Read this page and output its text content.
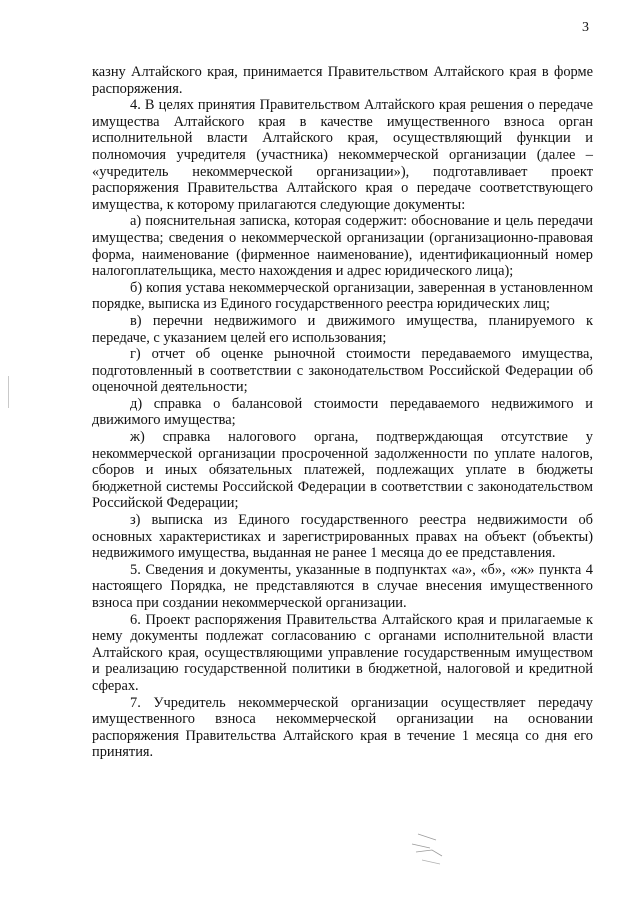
3

казну Алтайского края, принимается Правительством Алтайского края в форме распоряжения.

4. В целях принятия Правительством Алтайского края решения о передаче имущества Алтайского края в качестве имущественного взноса орган исполнительной власти Алтайского края, осуществляющий функции и полномочия учредителя (участника) некоммерческой организации (далее – «учредитель некоммерческой организации»), подготавливает проект распоряжения Правительства Алтайского края о передаче соответствующего имущества, к которому прилагаются следующие документы:

а) пояснительная записка, которая содержит: обоснование и цель передачи имущества; сведения о некоммерческой организации (организационно-правовая форма, наименование (фирменное наименование), идентификационный номер налогоплательщика, место нахождения и адрес юридического лица);

б) копия устава некоммерческой организации, заверенная в установленном порядке, выписка из Единого государственного реестра юридических лиц;

в) перечни недвижимого и движимого имущества, планируемого к передаче, с указанием целей его использования;

г) отчет об оценке рыночной стоимости передаваемого имущества, подготовленный в соответствии с законодательством Российской Федерации об оценочной деятельности;

д) справка о балансовой стоимости передаваемого недвижимого и движимого имущества;

ж) справка налогового органа, подтверждающая отсутствие у некоммерческой организации просроченной задолженности по уплате налогов, сборов и иных обязательных платежей, подлежащих уплате в бюджеты бюджетной системы Российской Федерации в соответствии с законодательством Российской Федерации;

з) выписка из Единого государственного реестра недвижимости об основных характеристиках и зарегистрированных правах на объект (объекты) недвижимого имущества, выданная не ранее 1 месяца до ее представления.

5. Сведения и документы, указанные в подпунктах «а», «б», «ж» пункта 4 настоящего Порядка, не представляются в случае внесения имущественного взноса при создании некоммерческой организации.

6. Проект распоряжения Правительства Алтайского края и прилагаемые к нему документы подлежат согласованию с органами исполнительной власти Алтайского края, осуществляющими управление государственным имуществом и реализацию государственной политики в бюджетной, налоговой и кредитной сферах.

7. Учредитель некоммерческой организации осуществляет передачу имущественного взноса некоммерческой организации на основании распоряжения Правительства Алтайского края в течение 1 месяца со дня его принятия.
